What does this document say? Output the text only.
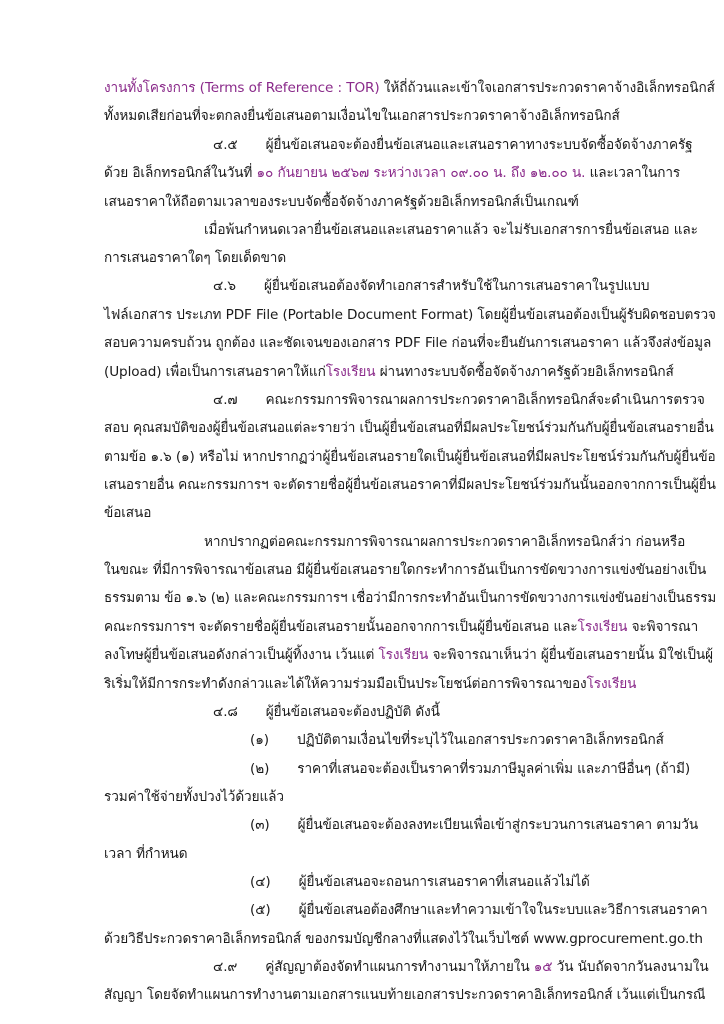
งานทั้งโครงการ (Terms of Reference : TOR) ให้ถี่ถ้วนและเข้าใจเอกสารประกวดราคาจ้างอิเล็กทรอนิกส์
ทั้งหมดเสียก่อนที่จะตกลงยื่นข้อเสนอตามเงื่อนไขในเอกสารประกวดราคาจ้างอิเล็กทรอนิกส์
๔.๕ ผู้ยื่นข้อเสนอจะต้องยื่นข้อเสนอและเสนอราคาทางระบบจัดซื้อจัดจ้างภาครัฐ
ด้วย อิเล็กทรอนิกส์ในวันที่ ๑๐ กันยายน ๒๕๖๗ ระหว่างเวลา ๐๙.๐๐ น. ถึง ๑๒.๐๐ น. และเวลาในการ
เสนอราคาให้ถือตามเวลาของระบบจัดซื้อจัดจ้างภาครัฐด้วยอิเล็กทรอนิกส์เป็นเกณฑ์
เมื่อพ้นกำหนดเวลายื่นข้อเสนอและเสนอราคาแล้ว จะไม่รับเอกสารการยื่นข้อเสนอ และ
การเสนอราคาใดๆ โดยเด็ดขาด
๔.๖ ผู้ยื่นข้อเสนอต้องจัดทำเอกสารสำหรับใช้ในการเสนอราคาในรูปแบบ
ไฟล์เอกสาร ประเภท PDF File (Portable Document Format) โดยผู้ยื่นข้อเสนอต้องเป็นผู้รับผิดชอบตรวจ
สอบความครบถ้วน ถูกต้อง และชัดเจนของเอกสาร PDF File ก่อนที่จะยืนยันการเสนอราคา แล้วจึงส่งข้อมูล
(Upload) เพื่อเป็นการเสนอราคาให้แก่โรงเรียน ผ่านทางระบบจัดซื้อจัดจ้างภาครัฐด้วยอิเล็กทรอนิกส์
๔.๗ คณะกรรมการพิจารณาผลการประกวดราคาอิเล็กทรอนิกส์จะดำเนินการตรวจ
สอบ คุณสมบัติของผู้ยื่นข้อเสนอแต่ละรายว่า เป็นผู้ยื่นข้อเสนอที่มีผลประโยชน์ร่วมกันกับผู้ยื่นข้อเสนอรายอื่น
ตามข้อ ๑.๖ (๑) หรือไม่ หากปรากฏว่าผู้ยื่นข้อเสนอรายใดเป็นผู้ยื่นข้อเสนอที่มีผลประโยชน์ร่วมกันกับผู้ยื่นข้อ
เสนอรายอื่น คณะกรรมการฯ จะตัดรายชื่อผู้ยื่นข้อเสนอราคาที่มีผลประโยชน์ร่วมกันนั้นออกจากการเป็นผู้ยื่น
ข้อเสนอ
หากปรากฏต่อคณะกรรมการพิจารณาผลการประกวดราคาอิเล็กทรอนิกส์ว่า ก่อนหรือ
ในขณะ ที่มีการพิจารณาข้อเสนอ มีผู้ยื่นข้อเสนอรายใดกระทำการอันเป็นการขัดขวางการแข่งขันอย่างเป็น
ธรรมตาม ข้อ ๑.๖ (๒) และคณะกรรมการฯ เชื่อว่ามีการกระทำอันเป็นการขัดขวางการแข่งขันอย่างเป็นธรรม
คณะกรรมการฯ จะตัดรายชื่อผู้ยื่นข้อเสนอรายนั้นออกจากการเป็นผู้ยื่นข้อเสนอ และโรงเรียน จะพิจารณา
ลงโทษผู้ยื่นข้อเสนอดังกล่าวเป็นผู้ทิ้งงาน เว้นแต่ โรงเรียน จะพิจารณาเห็นว่า ผู้ยื่นข้อเสนอรายนั้น มิใช่เป็นผู้
ริเริ่มให้มีการกระทำดังกล่าวและได้ให้ความร่วมมือเป็นประโยชน์ต่อการพิจารณาของโรงเรียน
๔.๘ ผู้ยื่นข้อเสนอจะต้องปฏิบัติ ดังนี้
(๑) ปฏิบัติตามเงื่อนไขที่ระบุไว้ในเอกสารประกวดราคาอิเล็กทรอนิกส์
(๒) ราคาที่เสนอจะต้องเป็นราคาที่รวมภาษีมูลค่าเพิ่ม และภาษีอื่นๆ (ถ้ามี)
รวมค่าใช้จ่ายทั้งปวงไว้ด้วยแล้ว
(๓) ผู้ยื่นข้อเสนอจะต้องลงทะเบียนเพื่อเข้าสู่กระบวนการเสนอราคา ตามวัน
เวลา ที่กำหนด
(๔) ผู้ยื่นข้อเสนอจะถอนการเสนอราคาที่เสนอแล้วไม่ได้
(๕) ผู้ยื่นข้อเสนอต้องศึกษาและทำความเข้าใจในระบบและวิธีการเสนอราคา
ด้วยวิธีประกวดราคาอิเล็กทรอนิกส์ ของกรมบัญชีกลางที่แสดงไว้ในเว็บไซต์ www.gprocurement.go.th
๔.๙ คู่สัญญาต้องจัดทำแผนการทำงานมาให้ภายใน ๑๕ วัน นับถัดจากวันลงนามใน
สัญญา โดยจัดทำแผนการทำงานตามเอกสารแนบท้ายเอกสารประกวดราคาอิเล็กทรอนิกส์ เว้นแต่เป็นกรณี
